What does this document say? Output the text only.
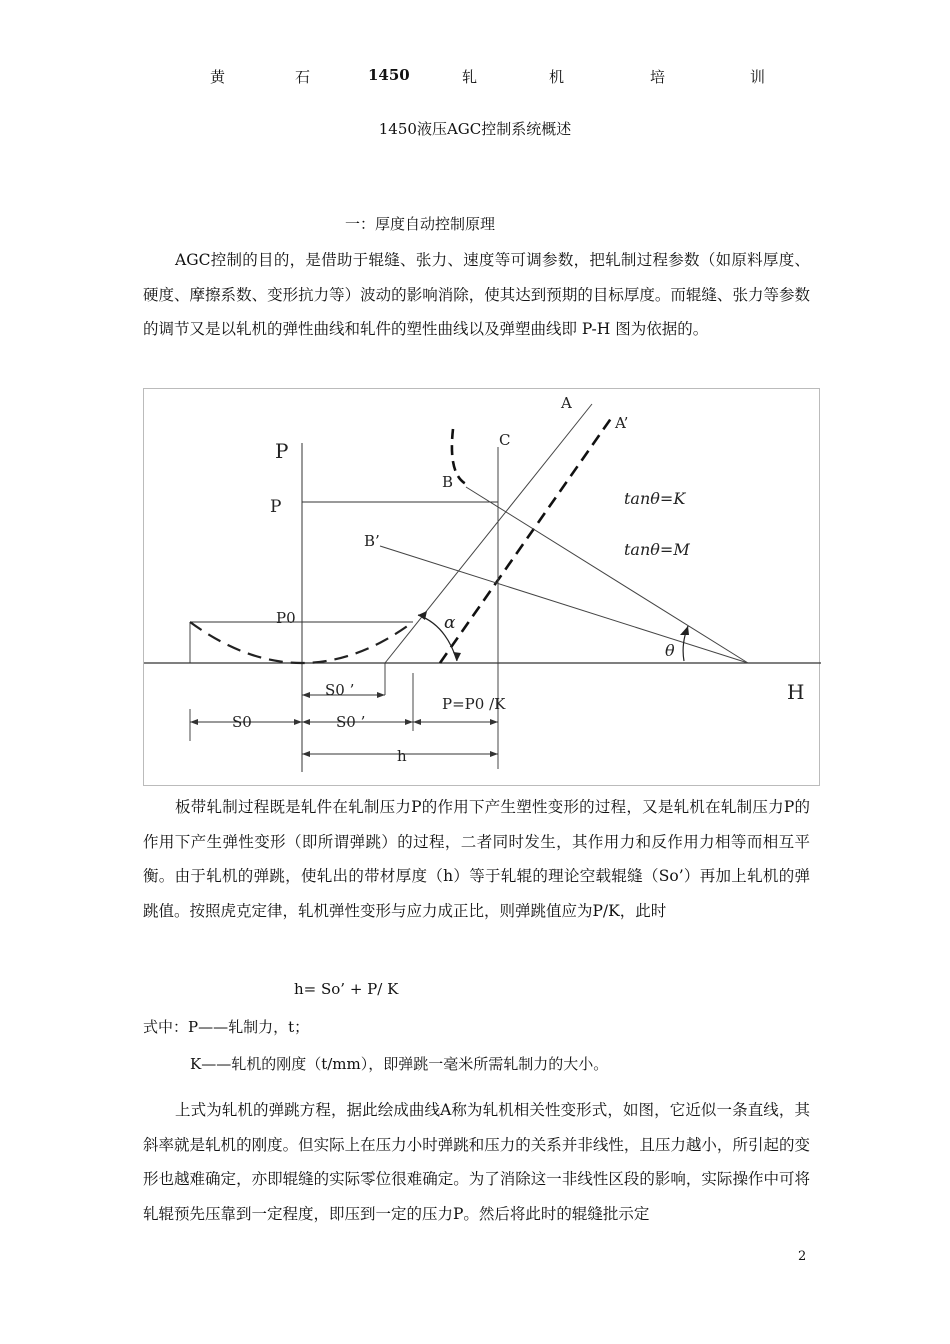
黄	石	1450	轧	机	培	训
1450液压AGC控制系统概述
一：厚度自动控制原理

AGC控制的目的，是借助于辊缝、张力、速度等可调参数，把轧制过程参数（如原料厚度、硬度、摩擦系数、变形抗力等）波动的影响消除，使其达到预期的目标厚度。而辊缝、张力等参数的调节又是以轧机的弹性曲线和轧件的塑性曲线以及弹塑曲线即 P-H 图为依据的。

P
P
P0
H
A
A’
C
B
B’
tanθ=K
tanθ=M
α
θ
S0 ’
S0	S0 ’
P=P0 /K
h

板带轧制过程既是轧件在轧制压力P的作用下产生塑性变形的过程，又是轧机在轧制压力P的作用下产生弹性变形（即所谓弹跳）的过程，二者同时发生，其作用力和反作用力相等而相互平衡。由于轧机的弹跳，使轧出的带材厚度（h）等于轧辊的理论空载辊缝（So’）再加上轧机的弹跳值。按照虎克定律，轧机弹性变形与应力成正比，则弹跳值应为P/K，此时

h= So’ + P/ K
式中：P——轧制力，t；
K——轧机的刚度（t/mm），即弹跳一毫米所需轧制力的大小。

上式为轧机的弹跳方程，据此绘成曲线A称为轧机相关性变形式，如图，它近似一条直线，其斜率就是轧机的刚度。但实际上在压力小时弹跳和压力的关系并非线性，且压力越小，所引起的变形也越难确定，亦即辊缝的实际零位很难确定。为了消除这一非线性区段的影响，实际操作中可将轧辊预先压靠到一定程度，即压到一定的压力P。然后将此时的辊缝批示定

2
